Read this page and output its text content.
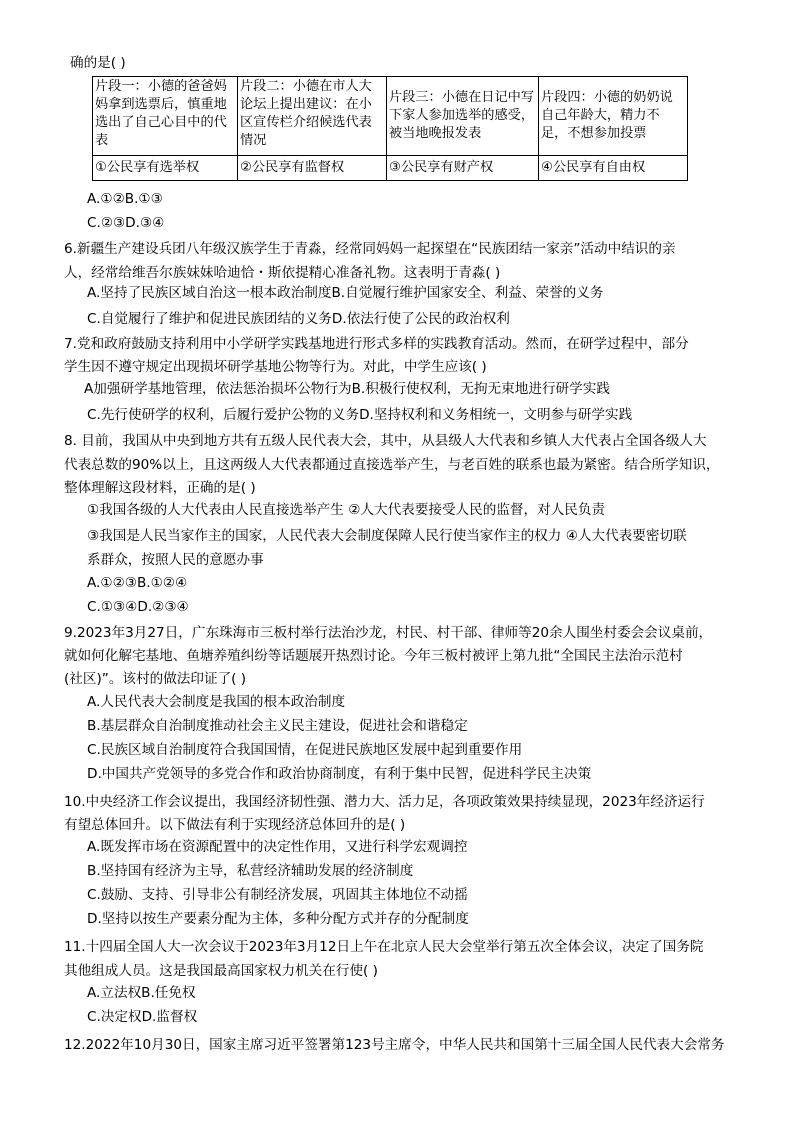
确的是( )
片段一：小德的爸爸妈妈拿到选票后，慎重地选出了自己心目中的代表	片段二：小德在市人大论坛上提出建议：在小区宣传栏介绍候选代表情况	片段三：小德在日记中写下家人参加选举的感受，被当地晚报发表	片段四：小德的奶奶说自己年龄大，精力不足，不想参加投票
①公民享有选举权	②公民享有监督权	③公民享有财产权	④公民享有自由权
A.①②B.①③
C.②③D.③④
6.新疆生产建设兵团八年级汉族学生于青淼，经常同妈妈一起探望在“民族团结一家亲”活动中结识的亲
人，经常给维吾尔族妹妹哈迪恰・斯依提精心准备礼物。这表明于青淼( )
A.坚持了民族区域自治这一根本政治制度B.自觉履行维护国家安全、利益、荣誉的义务
C.自觉履行了维护和促进民族团结的义务D.依法行使了公民的政治权利
7.党和政府鼓励支持利用中小学研学实践基地进行形式多样的实践教育活动。然而，在研学过程中，部分
学生因不遵守规定出现损坏研学基地公物等行为。对此，中学生应该( )
A加强研学基地管理，依法惩治损坏公物行为B.积极行使权利，无拘无束地进行研学实践
C.先行使研学的权利，后履行爱护公物的义务D.坚持权利和义务相统一，文明参与研学实践
8. 目前，我国从中央到地方共有五级人民代表大会，其中，从县级人大代表和乡镇人大代表占全国各级人大
代表总数的90%以上，且这两级人大代表都通过直接选举产生，与老百姓的联系也最为紧密。结合所学知识，
整体理解这段材料，正确的是( )
①我国各级的人大代表由人民直接选举产生 ②人大代表要接受人民的监督，对人民负责
③我国是人民当家作主的国家，人民代表大会制度保障人民行使当家作主的权力 ④人大代表要密切联
系群众，按照人民的意愿办事
A.①②③B.①②④
C.①③④D.②③④
9.2023年3月27日，广东珠海市三板村举行法治沙龙，村民、村干部、律师等20余人围坐村委会会议桌前，
就如何化解宅基地、鱼塘养殖纠纷等话题展开热烈讨论。今年三板村被评上第九批“全国民主法治示范村
(社区)”。该村的做法印证了( )
A.人民代表大会制度是我国的根本政治制度
B.基层群众自治制度推动社会主义民主建设，促进社会和谐稳定
C.民族区域自治制度符合我国国情，在促进民族地区发展中起到重要作用
D.中国共产党领导的多党合作和政治协商制度，有利于集中民智，促进科学民主决策
10.中央经济工作会议提出，我国经济韧性强、潜力大、活力足，各项政策效果持续显现，2023年经济运行
有望总体回升。以下做法有利于实现经济总体回升的是( )
A.既发挥市场在资源配置中的决定性作用，又进行科学宏观调控
B.坚持国有经济为主导，私营经济辅助发展的经济制度
C.鼓励、支持、引导非公有制经济发展，巩固其主体地位不动摇
D.坚持以按生产要素分配为主体，多种分配方式并存的分配制度
11.十四届全国人大一次会议于2023年3月12日上午在北京人民大会堂举行第五次全体会议，决定了国务院
其他组成人员。这是我国最高国家权力机关在行使( )
A.立法权B.任免权
C.决定权D.监督权
12.2022年10月30日，国家主席习近平签署第123号主席令，中华人民共和国第十三届全国人民代表大会常务
